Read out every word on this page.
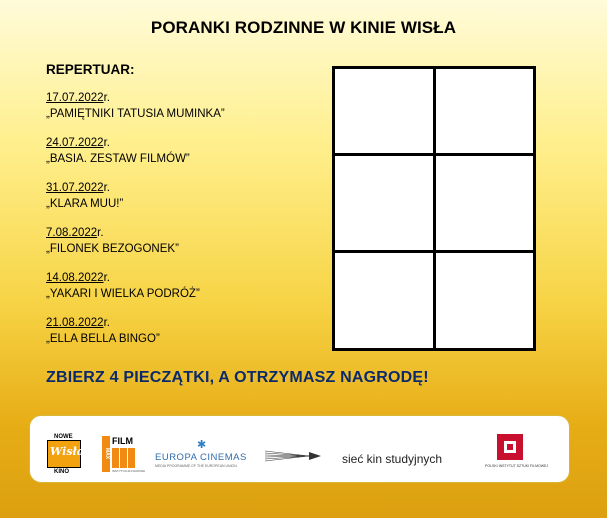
PORANKI RODZINNE W KINIE WISŁA
REPERTUAR:
17.07.2022r.
„PAMIĘTNIKI TATUSIA MUMINKA”
24.07.2022r.
„BASIA. ZESTAW FILMÓW”
31.07.2022r.
„KLARA MUU!”
7.08.2022r.
„FILONEK BEZOGONEK”
14.08.2022r.
„YAKARI I WIELKA PODRÓŻ”
21.08.2022r.
„ELLA BELLA BINGO”
ZBIERZ 4 PIECZĄTKI, A OTRZYMASZ NAGRODĘ!
NOWE
Wisła
KINO
MAX
FILM
INSTYTUCJA FILMOWA
✱
EUROPA CINEMAS
MEDIA PROGRAMME OF THE EUROPEAN UNION	sieć kin studyjnych	POLSKI INSTYTUT SZTUKI FILMOWEJ
